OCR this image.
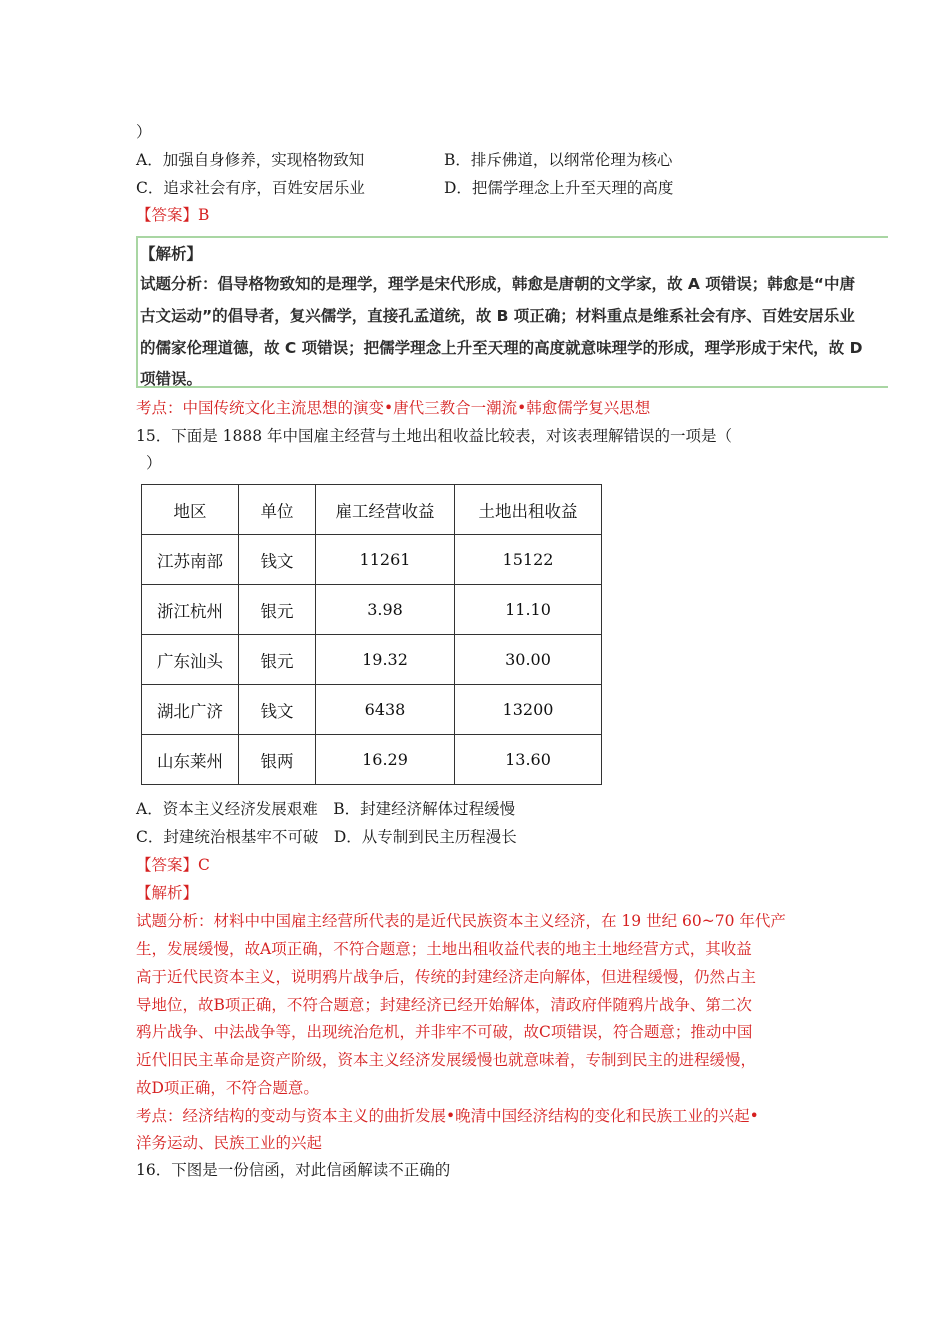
）
A．加强自身修养，实现格物致知	B．排斥佛道，以纲常伦理为核心
C．追求社会有序，百姓安居乐业	D．把儒学理念上升至天理的高度
【答案】B
【解析】
试题分析：倡导格物致知的是理学，理学是宋代形成，韩愈是唐朝的文学家，故 A 项错误；韩愈是“中唐
古文运动”的倡导者，复兴儒学，直接孔孟道统，故 B 项正确；材料重点是维系社会有序、百姓安居乐业
的儒家伦理道德，故 C 项错误；把儒学理念上升至天理的高度就意味理学的形成，理学形成于宋代，故 D
项错误。
考点：中国传统文化主流思想的演变•唐代三教合一潮流•韩愈儒学复兴思想
15．下面是 1888 年中国雇主经营与土地出租收益比较表，对该表理解错误的一项是（
）
地区	单位	雇工经营收益	土地出租收益
江苏南部	钱文	11261	15122
浙江杭州	银元	3.98	11.10
广东汕头	银元	19.32	30.00
湖北广济	钱文	6438	13200
山东莱州	银两	16.29	13.60
A．资本主义经济发展艰难　B．封建经济解体过程缓慢
C．封建统治根基牢不可破　D．从专制到民主历程漫长
【答案】C
【解析】
试题分析：材料中中国雇主经营所代表的是近代民族资本主义经济，在 19 世纪 60~70 年代产
生，发展缓慢，故A项正确，不符合题意；土地出租收益代表的地主土地经营方式，其收益
高于近代民资本主义，说明鸦片战争后，传统的封建经济走向解体，但进程缓慢，仍然占主
导地位，故B项正确，不符合题意；封建经济已经开始解体，清政府伴随鸦片战争、第二次
鸦片战争、中法战争等，出现统治危机，并非牢不可破，故C项错误，符合题意；推动中国
近代旧民主革命是资产阶级，资本主义经济发展缓慢也就意味着，专制到民主的进程缓慢，
故D项正确，不符合题意。
考点：经济结构的变动与资本主义的曲折发展•晚清中国经济结构的变化和民族工业的兴起•
洋务运动、民族工业的兴起
16．下图是一份信函，对此信函解读不正确的
